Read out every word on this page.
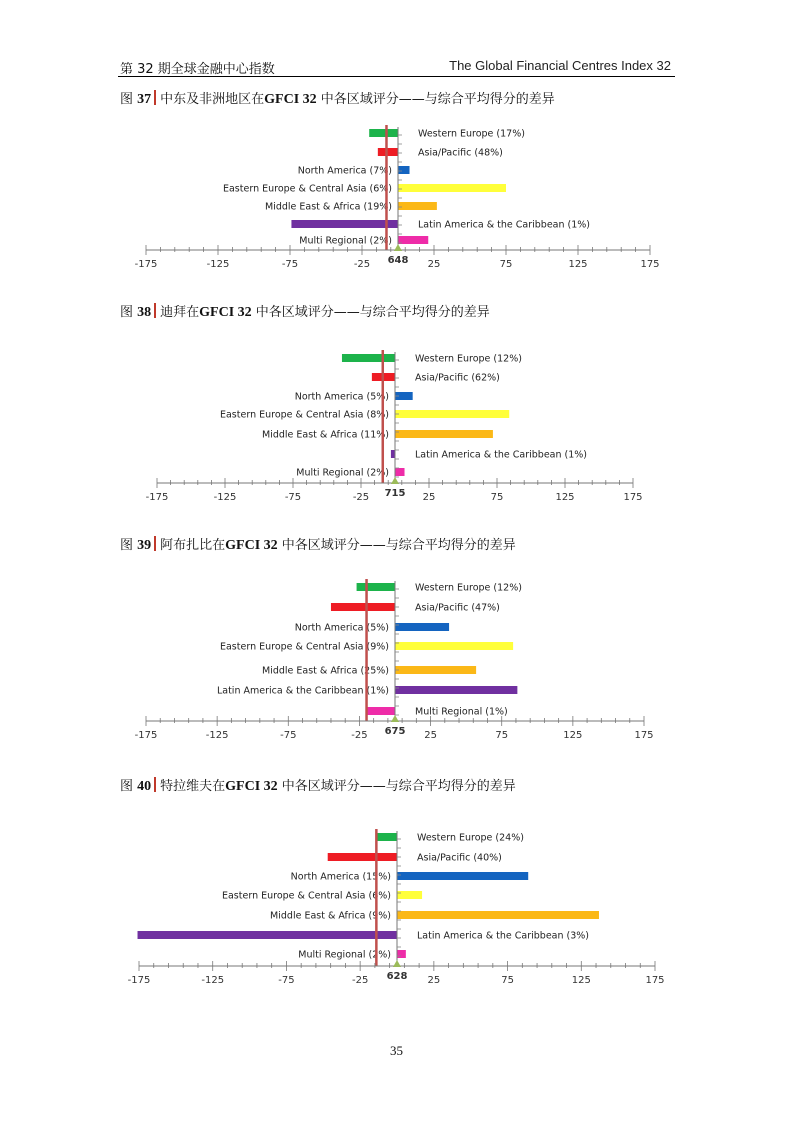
第 32 期全球金融中心指数	The Global Financial Centres Index 32
图 37 中东及非洲地区在GFCI 32 中各区域评分——与综合平均得分的差异
Western Europe (17%)
Asia/Pacific (48%)
North America (7%)
Eastern Europe & Central Asia (6%)
Middle East & Africa (19%)
Latin America & the Caribbean (1%)
Multi Regional (2%)
-175	-125	-75	-25	25	75	125	175
648
图 38 迪拜在GFCI 32 中各区域评分——与综合平均得分的差异
Western Europe (12%)
Asia/Pacific (62%)
North America (5%)
Eastern Europe & Central Asia (8%)
Middle East & Africa (11%)
Latin America & the Caribbean (1%)
Multi Regional (2%)
-175	-125	-75	-25	25	75	125	175
715
图 39 阿布扎比在GFCI 32 中各区域评分——与综合平均得分的差异
Western Europe (12%)
Asia/Pacific (47%)
North America (5%)
Eastern Europe & Central Asia (9%)
Middle East & Africa (25%)
Latin America & the Caribbean (1%)
Multi Regional (1%)
-175	-125	-75	-25	25	75	125	175
675
图 40 特拉维夫在GFCI 32 中各区域评分——与综合平均得分的差异
Western Europe (24%)
Asia/Pacific (40%)
North America (15%)
Eastern Europe & Central Asia (6%)
Middle East & Africa (9%)
Latin America & the Caribbean (3%)
Multi Regional (2%)
-175	-125	-75	-25	25	75	125	175
628
35
